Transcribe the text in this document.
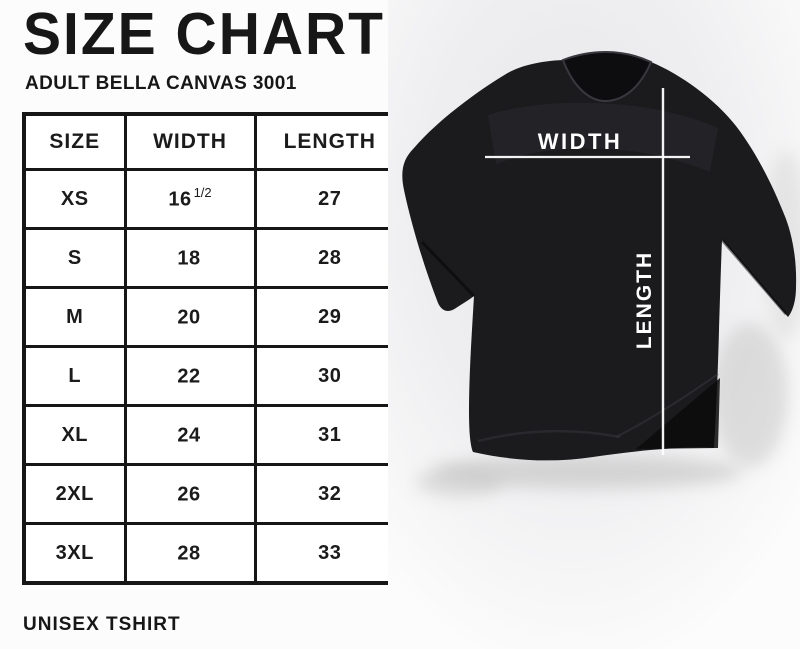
SIZE CHART
ADULT BELLA CANVAS 3001
SIZE	WIDTH	LENGTH
XS	16 $^{1/2}$	27
S	18	28
M	20	29
L	22	30
XL	24	31
2XL	26	32
3XL	28	33
UNISEX TSHIRT
WIDTH
LENGTH
